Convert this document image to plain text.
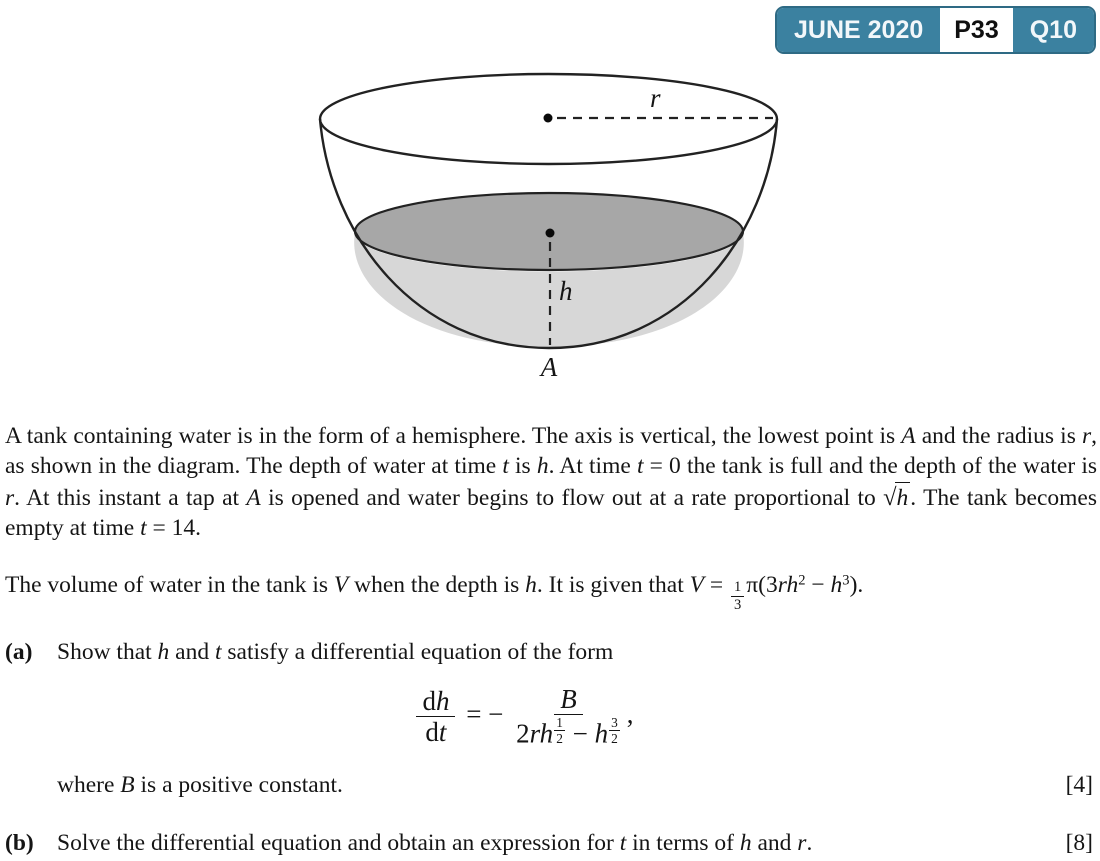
JUNE 2020	P33	Q10
r
h
A
A tank containing water is in the form of a hemisphere. The axis is vertical, the lowest point is A and the radius is r, as shown in the diagram. The depth of water at time t is h. At time t = 0 the tank is full and the depth of the water is r. At this instant a tap at A is opened and water begins to flow out at a rate proportional to √ h . The tank becomes empty at time t = 14.
The volume of water in the tank is V when the depth is h. It is given that $V = \frac{1}{3} \pi(3rh^2 - h^3)$.
(a)	Show that h and t satisfy a differential equation of the form
$\frac{dh}{dt}$ = − B
2rh $^{\frac{1}{2}}$ − h $^{\frac{3}{2}}$ ,
where B is a positive constant.	[4]
(b) Solve the differential equation and obtain an expression for t in terms of h and r.	[8]
